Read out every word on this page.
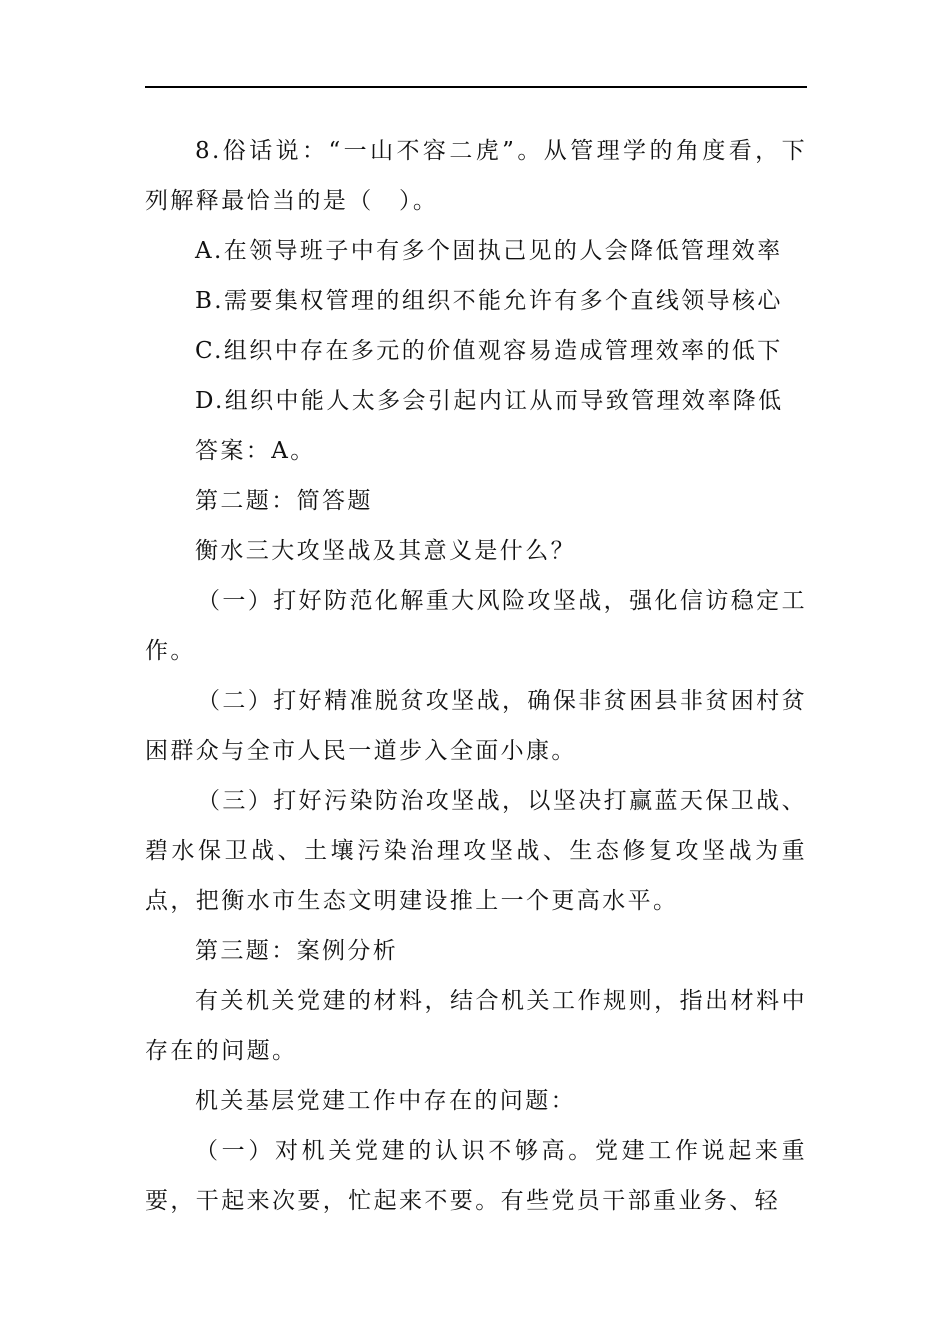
8.俗话说：“一山不容二虎”。从管理学的角度看，下列解释最恰当的是（　）。

A.在领导班子中有多个固执己见的人会降低管理效率

B.需要集权管理的组织不能允许有多个直线领导核心

C.组织中存在多元的价值观容易造成管理效率的低下

D.组织中能人太多会引起内讧从而导致管理效率降低

答案：A。

第二题：简答题

衡水三大攻坚战及其意义是什么？

（一）打好防范化解重大风险攻坚战，强化信访稳定工作。

（二）打好精准脱贫攻坚战，确保非贫困县非贫困村贫困群众与全市人民一道步入全面小康。

（三）打好污染防治攻坚战，以坚决打赢蓝天保卫战、碧水保卫战、土壤污染治理攻坚战、生态修复攻坚战为重点，把衡水市生态文明建设推上一个更高水平。

第三题：案例分析

有关机关党建的材料，结合机关工作规则，指出材料中存在的问题。

机关基层党建工作中存在的问题：

（一）对机关党建的认识不够高。党建工作说起来重要，干起来次要，忙起来不要。有些党员干部重业务、轻
